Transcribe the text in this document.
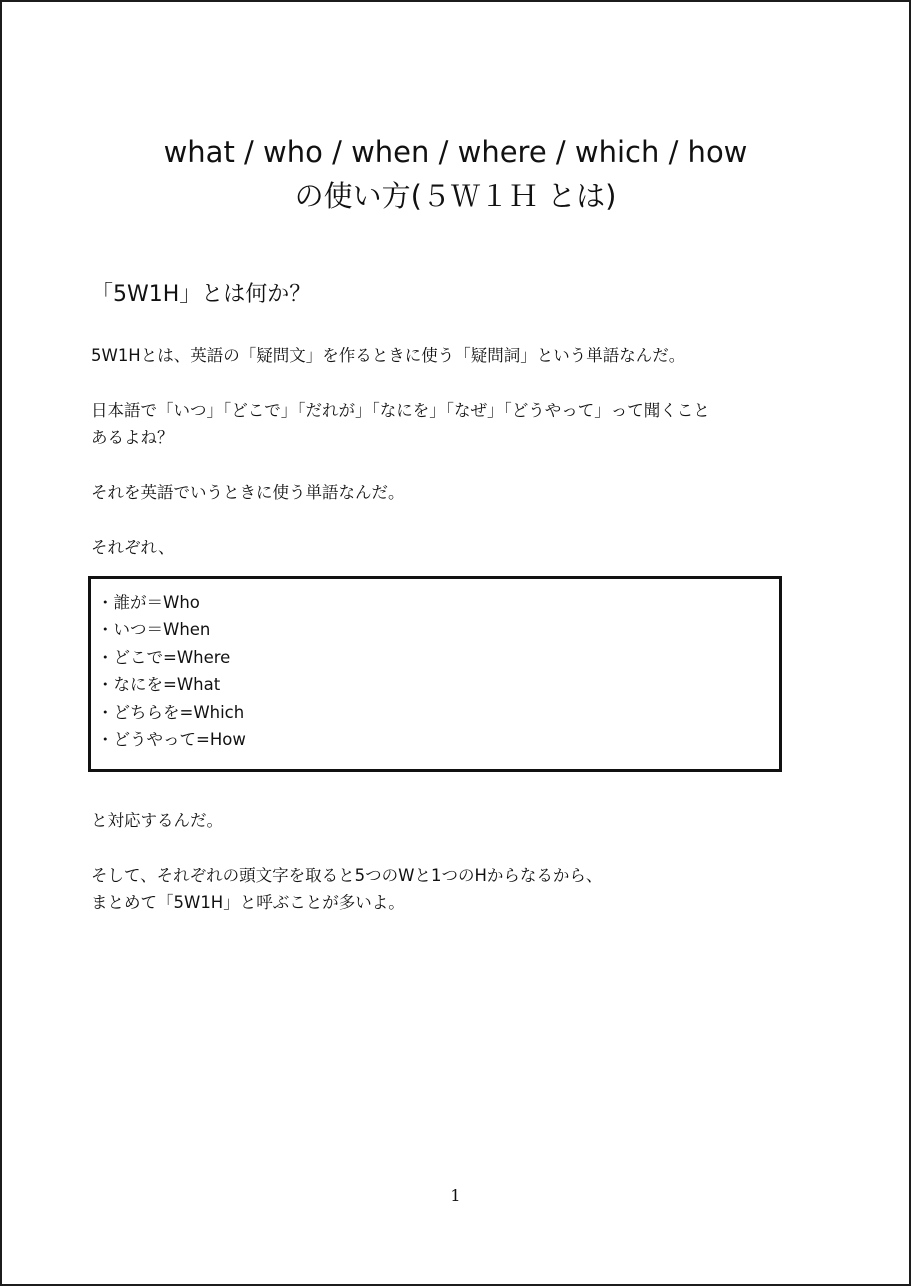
what / who / when / where / which / how
の使い方(５Ｗ１Ｈ とは)
「5W1H」とは何か？

5W1Hとは、英語の「疑問文」を作るときに使う「疑問詞」という単語なんだ。

日本語で「いつ」「どこで」「だれが」「なにを」「なぜ」「どうやって」って聞くこと
あるよね？

それを英語でいうときに使う単語なんだ。

それぞれ、

・誰が＝Who
・いつ＝When
・どこで=Where
・なにを=What
・どちらを=Which
・どうやって=How

と対応するんだ。

そして、それぞれの頭文字を取ると5つのWと1つのHからなるから、
まとめて「5W1H」と呼ぶことが多いよ。

1
